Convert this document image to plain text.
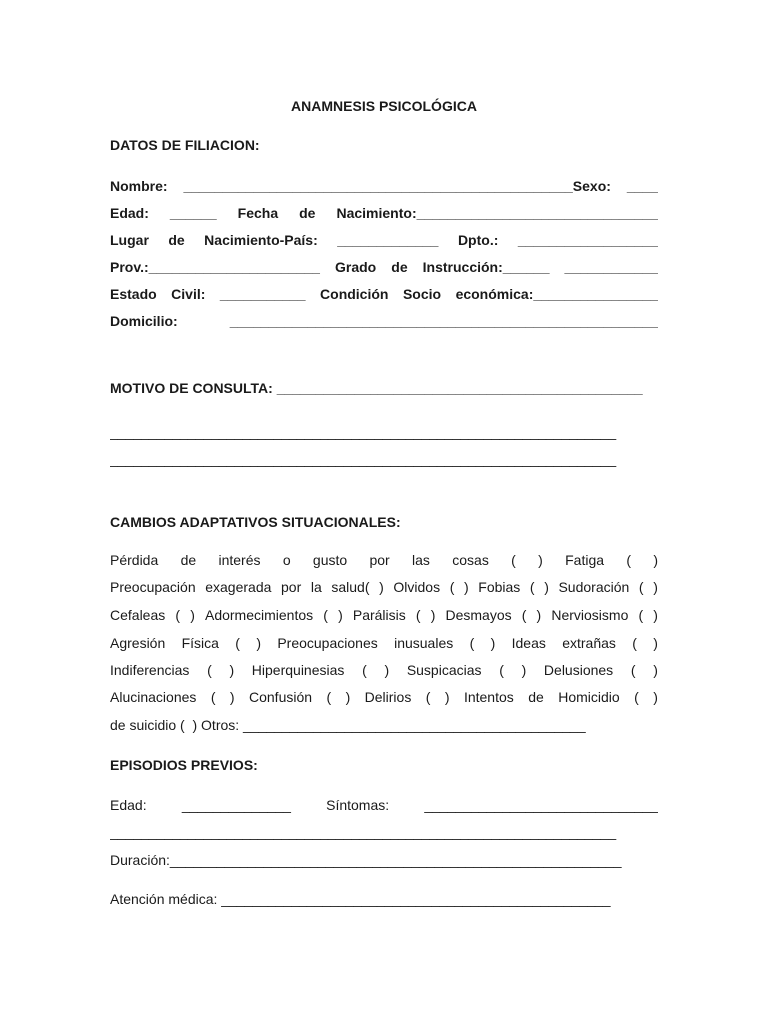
ANAMNESIS PSICOLÓGICA
DATOS DE FILIACION:
Nombre: __________________________________________________Sexo: ____
Edad: ______ Fecha de Nacimiento:_______________________________
Lugar de Nacimiento-País: _____________ Dpto.: __________________
Prov.:______________________ Grado de Instrucción:______ ____________
Estado Civil: ___________ Condición Socio económica:________________
Domicilio:	_______________________________________________________
MOTIVO DE CONSULTA: _______________________________________________
_________________________________________________________________
_________________________________________________________________
CAMBIOS ADAPTATIVOS SITUACIONALES:
Pérdida de interés o gusto por las cosas ( ) Fatiga ( )
Preocupación exagerada por la salud( ) Olvidos ( ) Fobias ( ) Sudoración ( )
Cefaleas ( ) Adormecimientos ( ) Parálisis ( ) Desmayos ( ) Nerviosismo ( )
Agresión Física ( ) Preocupaciones inusuales ( ) Ideas extrañas ( )
Indiferencias ( ) Hiperquinesias ( ) Suspicacias ( ) Delusiones ( )
Alucinaciones ( ) Confusión ( ) Delirios ( ) Intentos de Homicidio ( )
de suicidio (  ) Otros: ____________________________________________
EPISODIOS PREVIOS:
Edad:	______________	Síntomas:	______________________________
_________________________________________________________________
Duración:__________________________________________________________
Atención médica: __________________________________________________
